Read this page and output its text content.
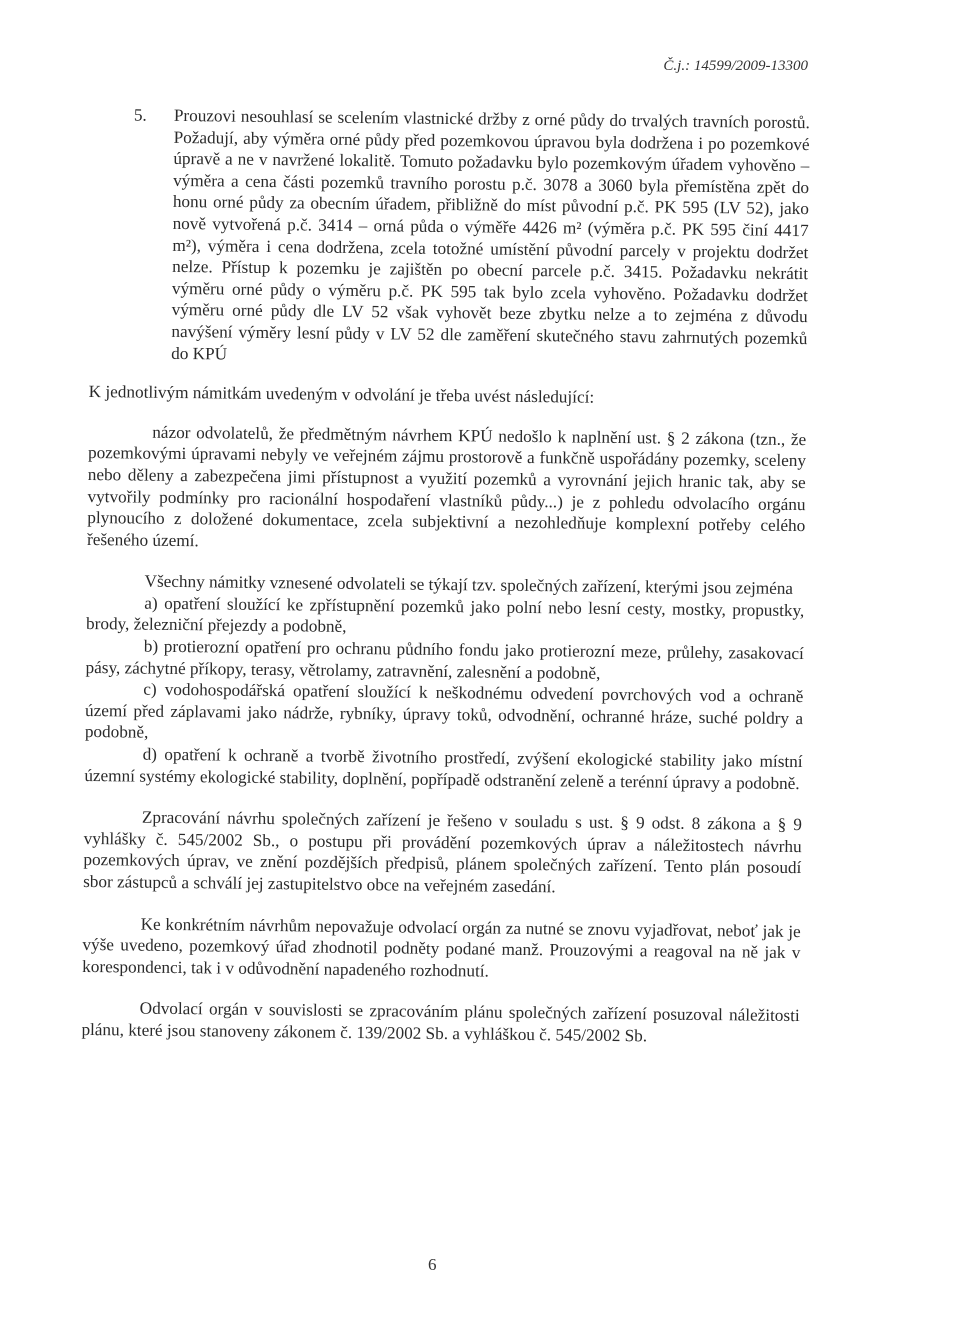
Č.j.: 14599/2009-13300
5.	Prouzovi nesouhlasí se scelením vlastnické držby z orné půdy do trvalých travních porostů. Požadují, aby výměra orné půdy před pozemkovou úpravou byla dodržena i po pozemkové úpravě a ne v navržené lokalitě. Tomuto požadavku bylo pozemkovým úřadem vyhověno – výměra a cena části pozemků travního porostu p.č. 3078 a 3060 byla přemístěna zpět do honu orné půdy za obecním úřadem, přibližně do míst původní p.č. PK 595 (LV 52), jako nově vytvořená p.č. 3414 – orná půda o výměře 4426 m² (výměra p.č. PK 595 činí 4417 m²), výměra i cena dodržena, zcela totožné umístění původní parcely v projektu dodržet nelze. Přístup k pozemku je zajištěn po obecní parcele p.č. 3415. Požadavku nekrátit výměru orné půdy o výměru p.č. PK 595 tak bylo zcela vyhověno. Požadavku dodržet výměru orné půdy dle LV 52 však vyhovět beze zbytku nelze a to zejména z důvodu navýšení výměry lesní půdy v LV 52 dle zaměření skutečného stavu zahrnutých pozemků do KPÚ

K jednotlivým námitkám uvedeným v odvolání je třeba uvést následující:

názor odvolatelů, že předmětným návrhem KPÚ nedošlo k naplnění ust. § 2 zákona (tzn., že pozemkovými úpravami nebyly ve veřejném zájmu prostorově a funkčně uspořádány pozemky, sceleny nebo děleny a zabezpečena jimi přístupnost a využití pozemků a vyrovnání jejich hranic tak, aby se vytvořily podmínky pro racionální hospodaření vlastníků půdy...) je z pohledu odvolacího orgánu plynoucího z doložené dokumentace, zcela subjektivní a nezohledňuje komplexní potřeby celého řešeného území.

Všechny námitky vznesené odvolateli se týkají tzv. společných zařízení, kterými jsou zejména

a) opatření sloužící ke zpřístupnění pozemků jako polní nebo lesní cesty, mostky, propustky, brody, železniční přejezdy a podobně,

b) protierozní opatření pro ochranu půdního fondu jako protierozní meze, průlehy, zasakovací pásy, záchytné příkopy, terasy, větrolamy, zatravnění, zalesnění a podobně,

c) vodohospodářská opatření sloužící k neškodnému odvedení povrchových vod a ochraně území před záplavami jako nádrže, rybníky, úpravy toků, odvodnění, ochranné hráze, suché poldry a podobně,

d) opatření k ochraně a tvorbě životního prostředí, zvýšení ekologické stability jako místní územní systémy ekologické stability, doplnění, popřípadě odstranění zeleně a terénní úpravy a podobně.

Zpracování návrhu společných zařízení je řešeno v souladu s ust. § 9 odst. 8 zákona a § 9 vyhlášky č. 545/2002 Sb., o postupu při provádění pozemkových úprav a náležitostech návrhu pozemkových úprav, ve znění pozdějších předpisů, plánem společných zařízení. Tento plán posoudí sbor zástupců a schválí jej zastupitelstvo obce na veřejném zasedání.

Ke konkrétním návrhům nepovažuje odvolací orgán za nutné se znovu vyjadřovat, neboť jak je výše uvedeno, pozemkový úřad zhodnotil podněty podané manž. Prouzovými a reagoval na ně jak v korespondenci, tak i v odůvodnění napadeného rozhodnutí.

Odvolací orgán v souvislosti se zpracováním plánu společných zařízení posuzoval náležitosti plánu, které jsou stanoveny zákonem č. 139/2002 Sb. a vyhláškou č. 545/2002 Sb.

6
